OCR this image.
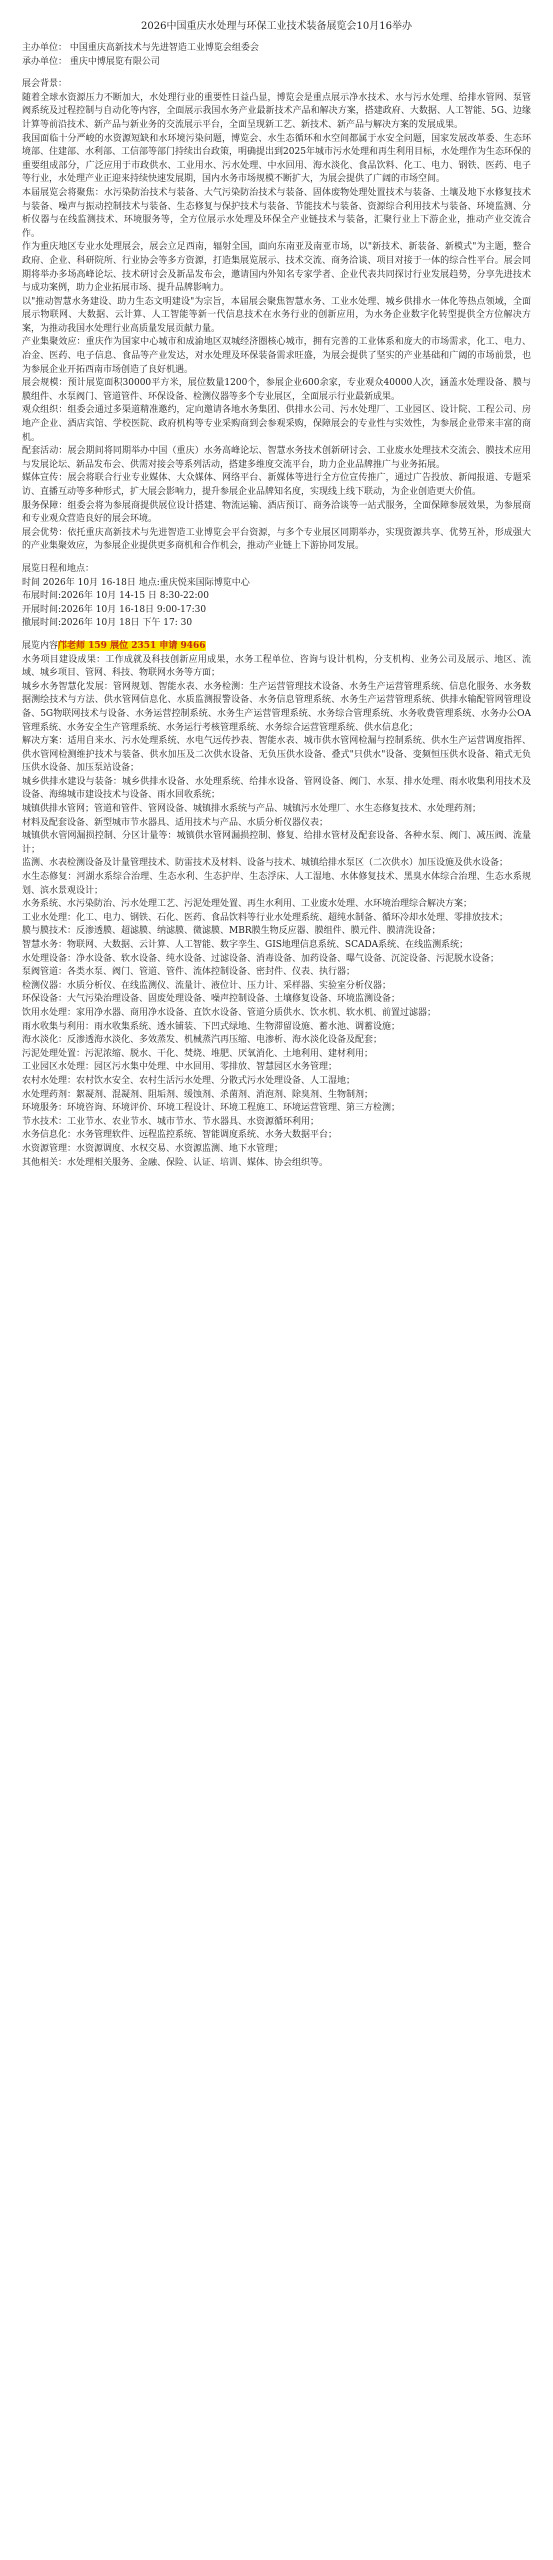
2026中国重庆水处理与环保工业技术装备展览会10月16举办

主办单位： 中国重庆高新技术与先进智造工业博览会组委会

承办单位： 重庆中博展览有限公司

展会背景：

随着全球水资源压力不断加大，水处理行业的重要性日益凸显，博览会是重点展示净水技术、水与污水处理、给排水管网、泵管阀系统及过程控制与自动化等内容，全面展示我国水务产业最新技术产品和解决方案，搭建政府、大数据、人工智能、5G、边缘计算等前沿技术、新产品与新业务的交流展示平台，全面呈现新工艺、新技术、新产品与解决方案的发展成果。

我国面临十分严峻的水资源短缺和水环境污染问题，博览会、水生态循环和水空间都属于水安全问题，国家发展改革委、生态环境部、住建部、水利部、工信部等部门持续出台政策，明确提出到2025年城市污水处理和再生利用目标，水处理作为生态环保的重要组成部分，广泛应用于市政供水、工业用水、污水处理、中水回用、海水淡化、食品饮料、化工、电力、钢铁、医药、电子等行业，水处理产业正迎来持续快速发展期，国内水务市场规模不断扩大，为展会提供了广阔的市场空间。

本届展览会将聚焦：水污染防治技术与装备、大气污染防治技术与装备、固体废物处理处置技术与装备、土壤及地下水修复技术与装备、噪声与振动控制技术与装备、生态修复与保护技术与装备、节能技术与装备、资源综合利用技术与装备、环境监测、分析仪器与在线监测技术、环境服务等，全方位展示水处理及环保全产业链技术与装备，汇聚行业上下游企业，推动产业交流合作。

作为重庆地区专业水处理展会，展会立足西南，辐射全国，面向东南亚及南亚市场，以"新技术、新装备、新模式"为主题，整合政府、企业、科研院所、行业协会等多方资源，打造集展览展示、技术交流、商务洽谈、项目对接于一体的综合性平台。展会同期将举办多场高峰论坛、技术研讨会及新品发布会，邀请国内外知名专家学者、企业代表共同探讨行业发展趋势，分享先进技术与成功案例，助力企业拓展市场、提升品牌影响力。

以"推动智慧水务建设、助力生态文明建设"为宗旨，本届展会聚焦智慧水务、工业水处理、城乡供排水一体化等热点领域，全面展示物联网、大数据、云计算、人工智能等新一代信息技术在水务行业的创新应用，为水务企业数字化转型提供全方位解决方案，为推动我国水处理行业高质量发展贡献力量。

产业集聚效应：重庆作为国家中心城市和成渝地区双城经济圈核心城市，拥有完善的工业体系和庞大的市场需求，化工、电力、冶金、医药、电子信息、食品等产业发达，对水处理及环保装备需求旺盛，为展会提供了坚实的产业基础和广阔的市场前景，也为参展企业开拓西南市场创造了良好机遇。

展会规模：预计展览面积30000平方米，展位数量1200个，参展企业600余家，专业观众40000人次，涵盖水处理设备、膜与膜组件、水泵阀门、管道管件、环保设备、检测仪器等多个专业展区，全面展示行业最新成果。

观众组织：组委会通过多渠道精准邀约，定向邀请各地水务集团、供排水公司、污水处理厂、工业园区、设计院、工程公司、房地产企业、酒店宾馆、学校医院、政府机构等专业采购商到会参观采购，保障展会的专业性与实效性，为参展企业带来丰富的商机。

配套活动：展会期间将同期举办中国（重庆）水务高峰论坛、智慧水务技术创新研讨会、工业废水处理技术交流会、膜技术应用与发展论坛、新品发布会、供需对接会等系列活动，搭建多维度交流平台，助力企业品牌推广与业务拓展。

媒体宣传：展会将联合行业专业媒体、大众媒体、网络平台、新媒体等进行全方位宣传推广，通过广告投放、新闻报道、专题采访、直播互动等多种形式，扩大展会影响力，提升参展企业品牌知名度，实现线上线下联动，为企业创造更大价值。

服务保障：组委会将为参展商提供展位设计搭建、物流运输、酒店预订、商务洽谈等一站式服务，全面保障参展效果，为参展商和专业观众营造良好的展会环境。

展会优势：依托重庆高新技术与先进智造工业博览会平台资源，与多个专业展区同期举办，实现资源共享、优势互补，形成强大的产业集聚效应，为参展企业提供更多商机和合作机会，推动产业链上下游协同发展。

展览日程和地点：

时间 2026年 10月 16-18日 地点:重庆悦来国际博览中心

布展时间:2026年 10月 14-15 日 8:30-22:00

开展时间:2026年 10月 16-18日 9:00-17:30

撤展时间:2026年 10月 18日 下午 17: 30

展览内容邝老师 159 展位 2351 申请 9466

水务项目建设成果：工作成就及科技创新应用成果，水务工程单位、咨询与设计机构，分支机构、业务公司及展示、地区、流域、城乡项目、管网、科技、物联网水务等方面；

城乡水务智慧化发展：管网规划、智能水表、水务检测：生产运营管理技术设备、水务生产运营管理系统、信息化服务、水务数据测绘技术与方法、供水管网信息化、水质监测报警设备、水务信息管理系统、水务生产运营管理系统、供排水输配管网管理设备、5G物联网技术与设备、水务运营控制系统、水务生产运营管理系统、水务综合管理系统、水务收费管理系统、水务办公OA管理系统、水务安全生产管理系统、水务运行考核管理系统、水务综合运营管理系统、供水信息化；

解决方案：适用自来水、污水处理系统、水电气远传抄表、智能水表、城市供水管网检漏与控制系统、供水生产运营调度指挥、供水管网检测维护技术与装备、供水加压及二次供水设备、无负压供水设备、叠式"只供水"设备、变频恒压供水设备、箱式无负压供水设备、加压泵站设备；

城乡供排水建设与装备：城乡供排水设备、水处理系统、给排水设备、管网设备、阀门、水泵、排水处理、雨水收集利用技术及设备、海绵城市建设技术与设备、雨水回收系统；

城镇供排水管网；管道和管件、管网设备、城镇排水系统与产品、城镇污水处理厂、水生态修复技术、水处理药剂；

材料及配套设备、新型城市节水器具、适用技术与产品、水质分析仪器仪表；

城镇供水管网漏损控制、分区计量等：城镇供水管网漏损控制、修复、给排水管材及配套设备、各种水泵、阀门、减压阀、流量计；

监测、水表检测设备及计量管理技术、防雷技术及材料、设备与技术、城镇给排水泵区（二次供水）加压设施及供水设备；

水生态修复：河湖水系综合治理、生态水利、生态护岸、生态浮床、人工湿地、水体修复技术、黑臭水体综合治理、生态水系规划、滨水景观设计；

水务系统、水污染防治、污水处理工艺、污泥处理处置、再生水利用、工业废水处理、水环境治理综合解决方案；

工业水处理：化工、电力、钢铁、石化、医药、食品饮料等行业水处理系统、超纯水制备、循环冷却水处理、零排放技术；

膜与膜技术：反渗透膜、超滤膜、纳滤膜、微滤膜、MBR膜生物反应器、膜组件、膜元件、膜清洗设备；

智慧水务：物联网、大数据、云计算、人工智能、数字孪生、GIS地理信息系统、SCADA系统、在线监测系统；

水处理设备：净水设备、软水设备、纯水设备、过滤设备、消毒设备、加药设备、曝气设备、沉淀设备、污泥脱水设备；

泵阀管道：各类水泵、阀门、管道、管件、流体控制设备、密封件、仪表、执行器；

检测仪器：水质分析仪、在线监测仪、流量计、液位计、压力计、采样器、实验室分析仪器；

环保设备：大气污染治理设备、固废处理设备、噪声控制设备、土壤修复设备、环境监测设备；

饮用水处理：家用净水器、商用净水设备、直饮水设备、管道分质供水、饮水机、软水机、前置过滤器；

雨水收集与利用：雨水收集系统、透水铺装、下凹式绿地、生物滞留设施、蓄水池、调蓄设施；

海水淡化：反渗透海水淡化、多效蒸发、机械蒸汽再压缩、电渗析、海水淡化设备及配套；

污泥处理处置：污泥浓缩、脱水、干化、焚烧、堆肥、厌氧消化、土地利用、建材利用；

工业园区水处理：园区污水集中处理、中水回用、零排放、智慧园区水务管理；

农村水处理：农村饮水安全、农村生活污水处理、分散式污水处理设备、人工湿地；

水处理药剂：絮凝剂、混凝剂、阻垢剂、缓蚀剂、杀菌剂、消泡剂、除臭剂、生物制剂；

环境服务：环境咨询、环境评价、环境工程设计、环境工程施工、环境运营管理、第三方检测；

节水技术：工业节水、农业节水、城市节水、节水器具、水资源循环利用；

水务信息化：水务管理软件、远程监控系统、智能调度系统、水务大数据平台；

水资源管理：水资源调度、水权交易、水资源监测、地下水管理；

其他相关：水处理相关服务、金融、保险、认证、培训、媒体、协会组织等。
